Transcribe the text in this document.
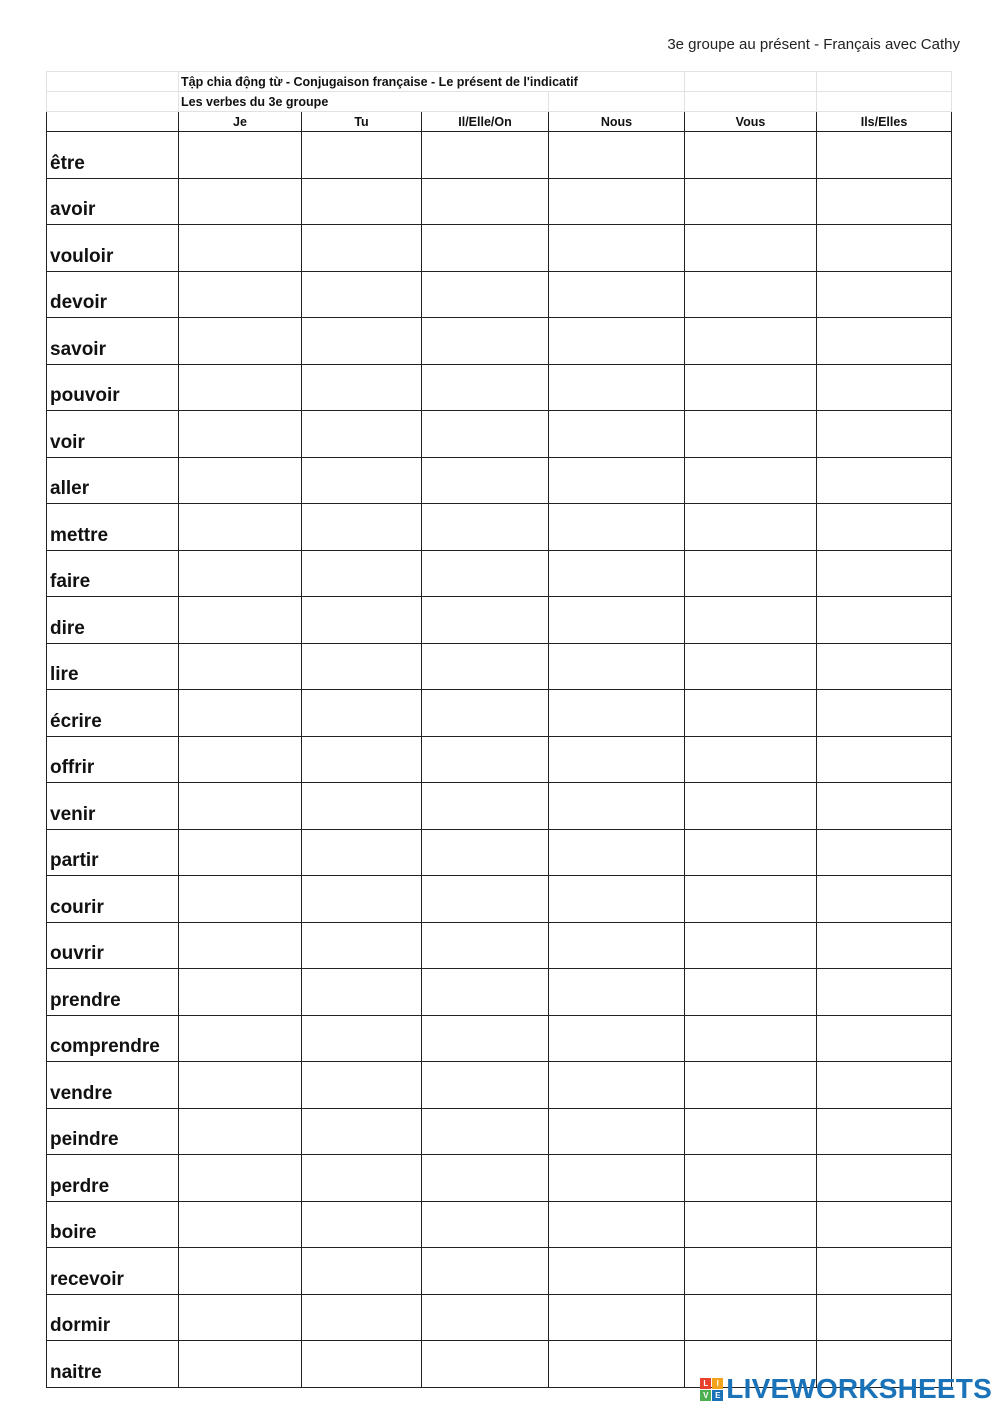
3e groupe au présent - Français avec Cathy
	Tập chia động từ - Conjugaison française - Le présent de l'indicatif					
	Les verbes du 3e groupe					
	Je	Tu	Il/Elle/On	Nous	Vous	Ils/Elles
être						
avoir						
vouloir						
devoir						
savoir						
pouvoir						
voir						
aller						
mettre						
faire						
dire						
lire						
écrire						
offrir						
venir						
partir						
courir						
ouvrir						
prendre						
comprendre						
vendre						
peindre						
perdre						
boire						
recevoir						
dormir						
naitre						
L	I
V E LIVEWORKSHEETS
